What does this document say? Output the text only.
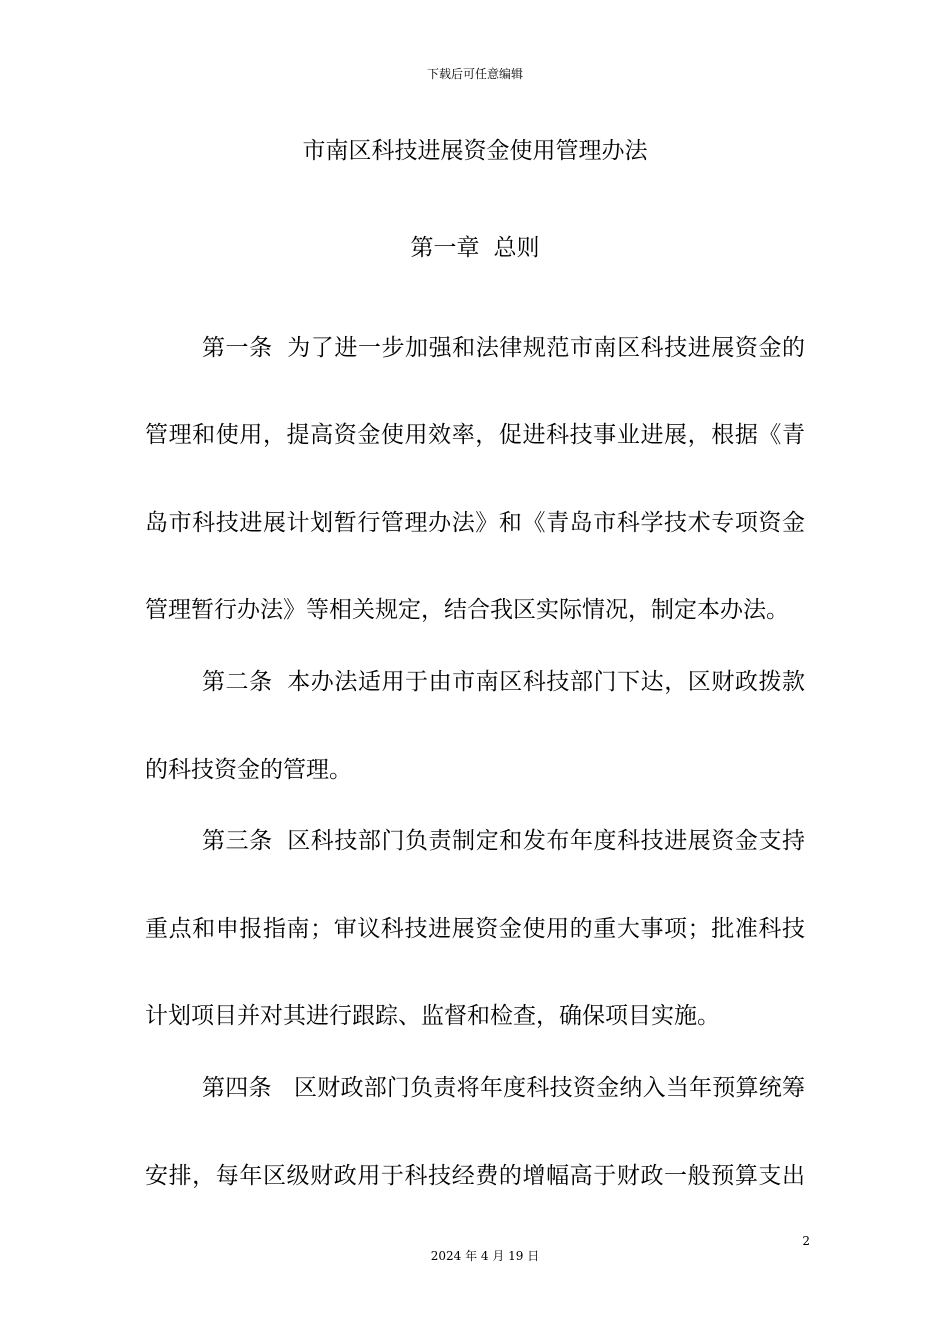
下载后可任意编辑
市南区科技进展资金使用管理办法
第一章 总则
第一条 为了进一步加强和法律规范市南区科技进展资金的
管理和使用，提高资金使用效率，促进科技事业进展，根据《青
岛市科技进展计划暂行管理办法》和《青岛市科学技术专项资金
管理暂行办法》等相关规定，结合我区实际情况，制定本办法。
第二条 本办法适用于由市南区科技部门下达，区财政拨款
的科技资金的管理。
第三条 区科技部门负责制定和发布年度科技进展资金支持
重点和申报指南；审议科技进展资金使用的重大事项；批准科技
计划项目并对其进行跟踪、监督和检查，确保项目实施。
第四条 区财政部门负责将年度科技资金纳入当年预算统筹
安排，每年区级财政用于科技经费的增幅高于财政一般预算支出
2
2024 年 4 月 19 日
